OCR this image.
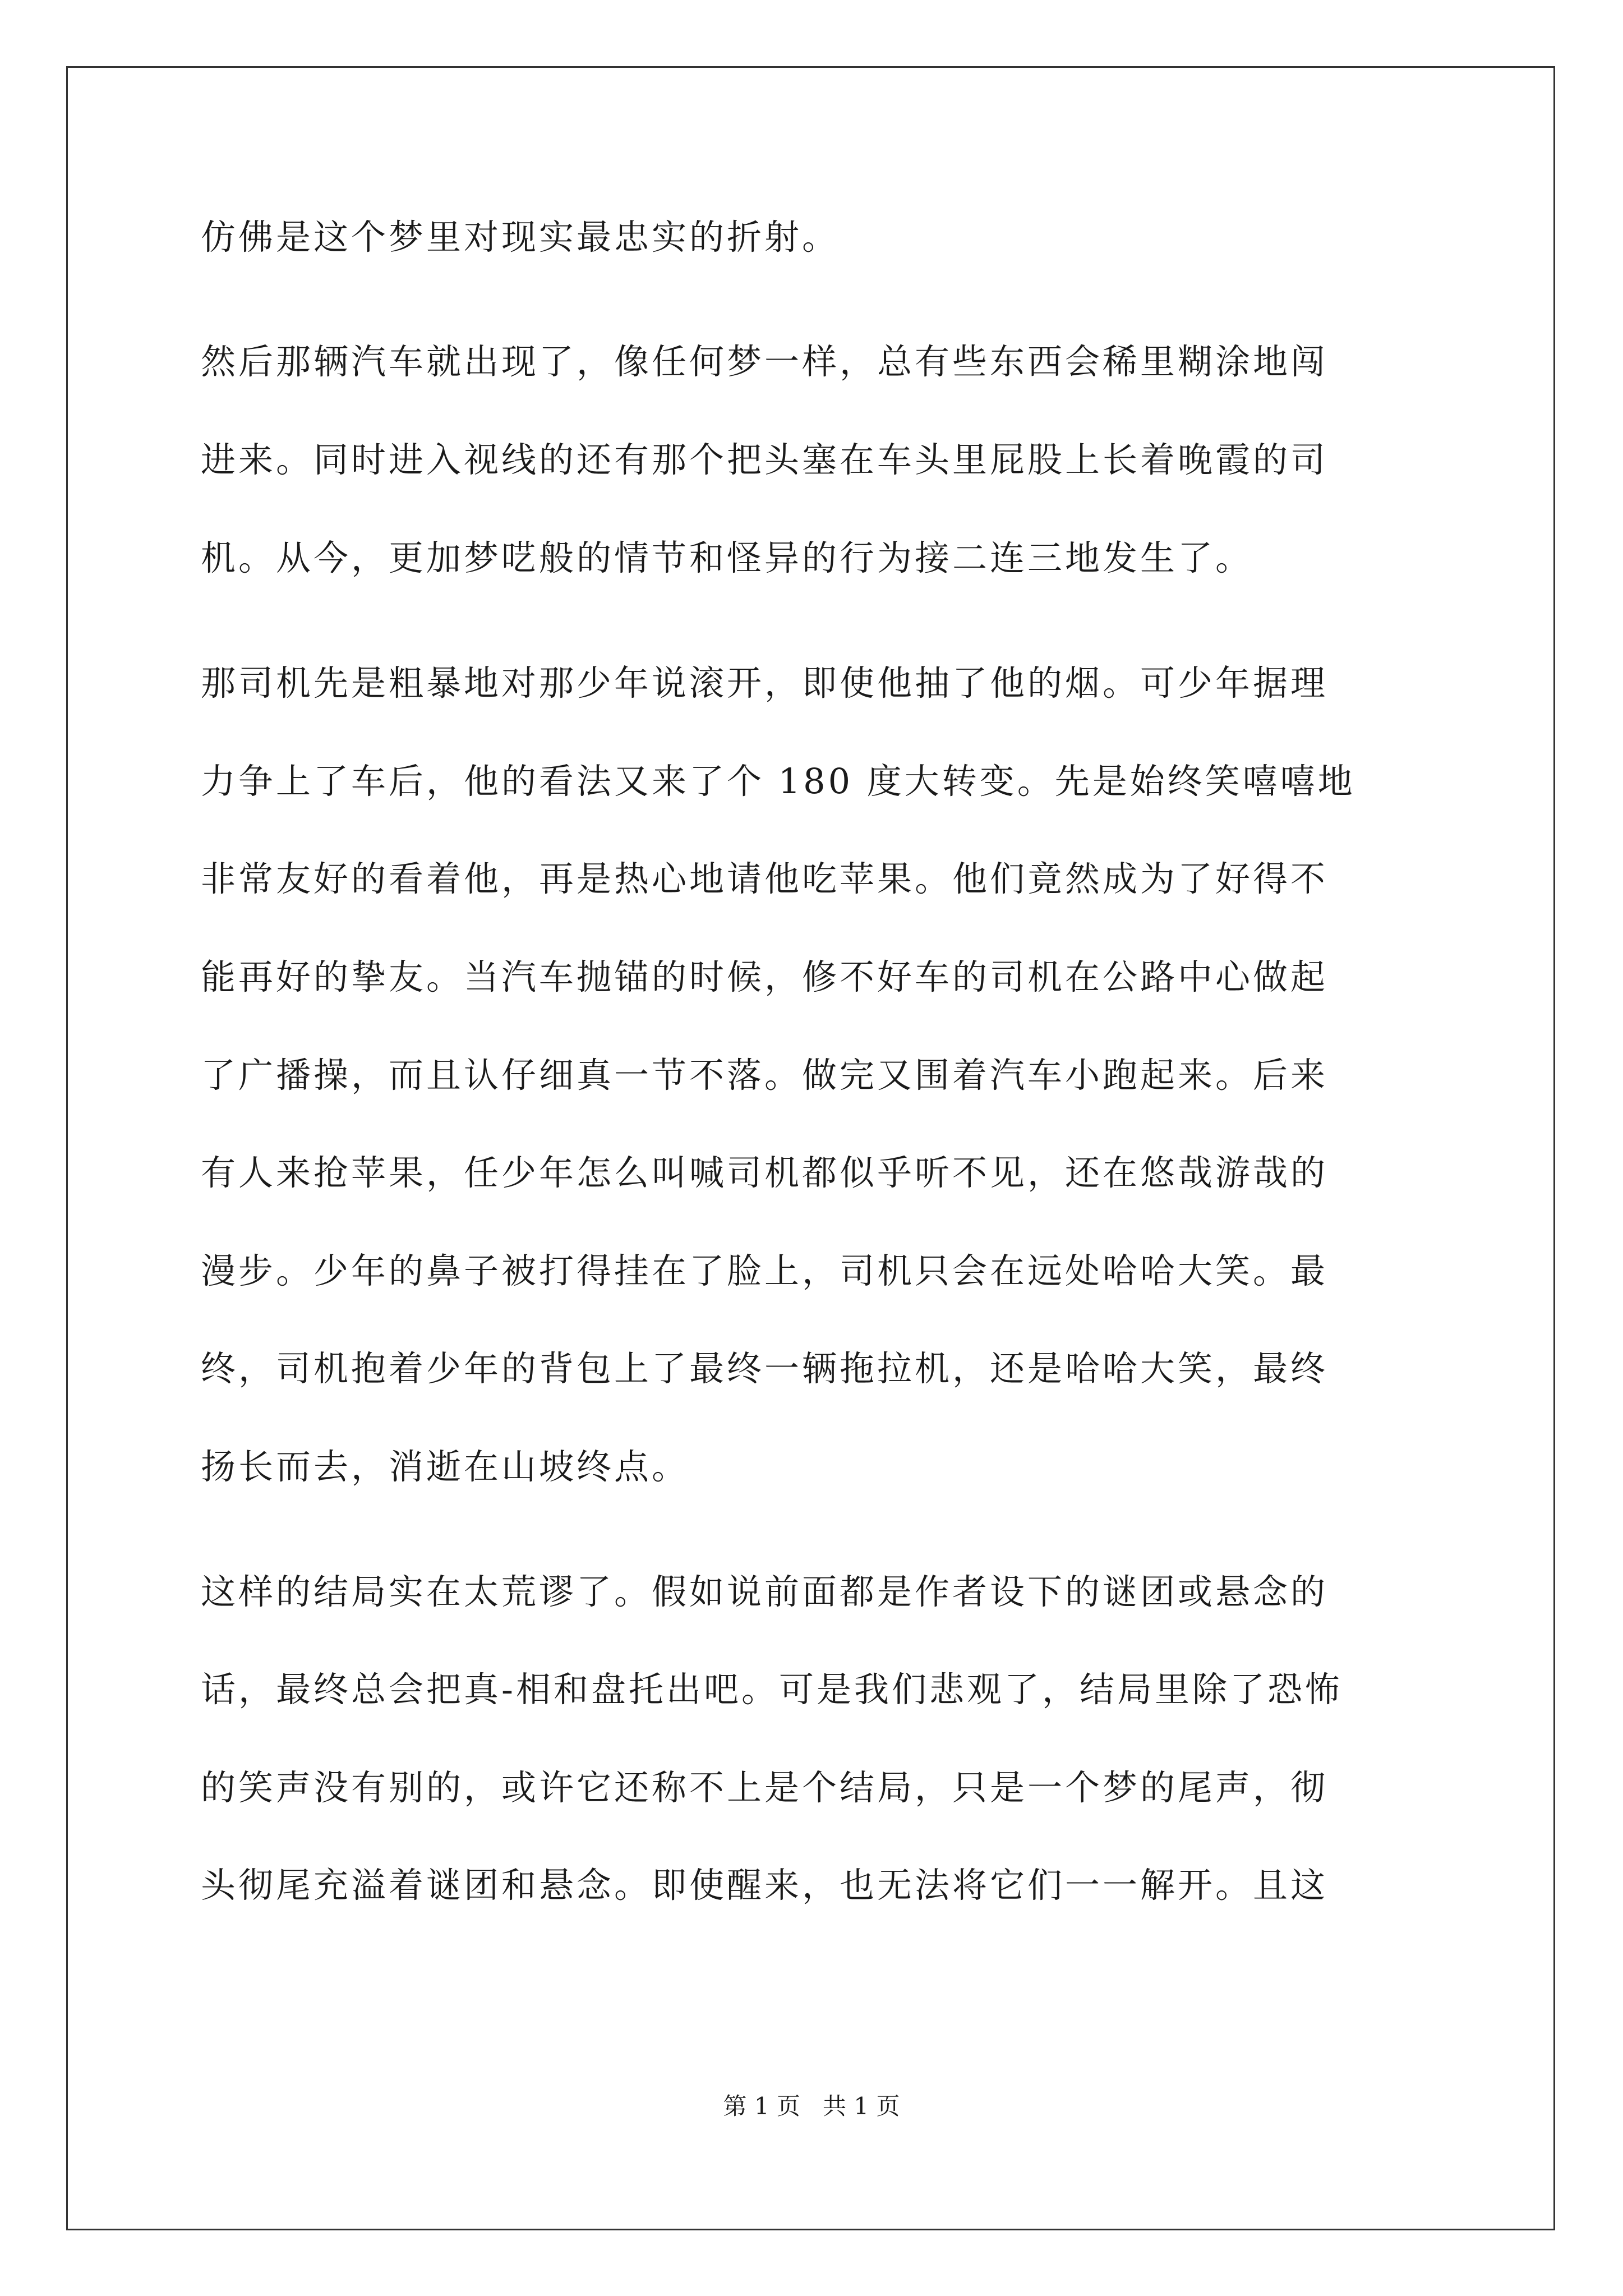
仿佛是这个梦里对现实最忠实的折射。
然后那辆汽车就出现了，像任何梦一样，总有些东西会稀里糊涂地闯
进来。同时进入视线的还有那个把头塞在车头里屁股上长着晚霞的司
机。从今，更加梦呓般的情节和怪异的行为接二连三地发生了。
那司机先是粗暴地对那少年说滚开，即使他抽了他的烟。可少年据理
力争上了车后，他的看法又来了个 180 度大转变。先是始终笑嘻嘻地
非常友好的看着他，再是热心地请他吃苹果。他们竟然成为了好得不
能再好的挚友。当汽车抛锚的时候，修不好车的司机在公路中心做起
了广播操，而且认仔细真一节不落。做完又围着汽车小跑起来。后来
有人来抢苹果，任少年怎么叫喊司机都似乎听不见，还在悠哉游哉的
漫步。少年的鼻子被打得挂在了脸上，司机只会在远处哈哈大笑。最
终，司机抱着少年的背包上了最终一辆拖拉机，还是哈哈大笑，最终
扬长而去，消逝在山坡终点。
这样的结局实在太荒谬了。假如说前面都是作者设下的谜团或悬念的
话，最终总会把真-相和盘托出吧。可是我们悲观了，结局里除了恐怖
的笑声没有别的，或许它还称不上是个结局，只是一个梦的尾声，彻
头彻尾充溢着谜团和悬念。即使醒来，也无法将它们一一解开。且这
第 1 页   共 1 页
